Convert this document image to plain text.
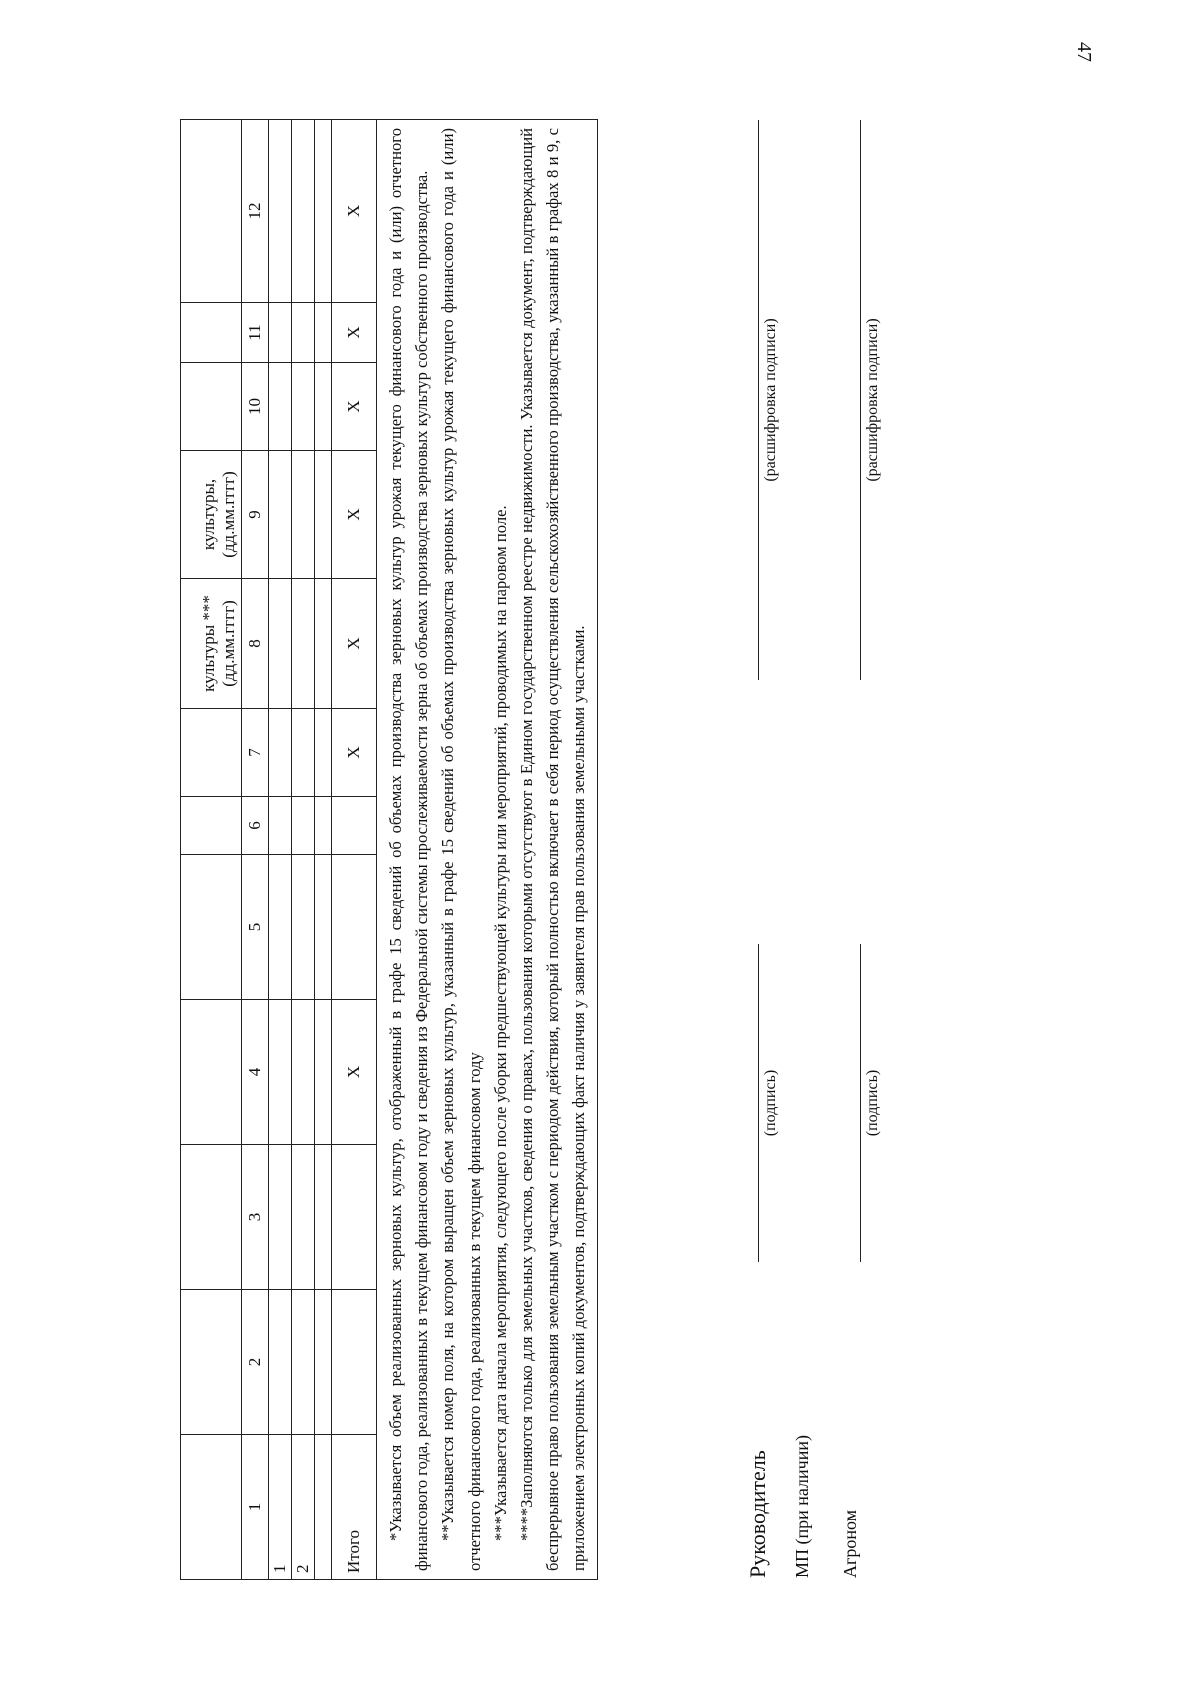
47
							культуры ***
(дд.мм.гггг)	культуры,
(дд.мм.гггг)			
1	2	3	4	5	6	7	8	9	10	11	12
1											
2											

Итого			X			X	X	X	X	X	X

*Указывается объем реализованных зерновых культур, отображенный в графе 15 сведений об объемах производства зерновых культур урожая текущего финансового года и (или) отчетного финансового года, реализованных в текущем финансовом году и сведения из Федеральной системы прослеживаемости зерна об объемах производства зерновых культур собственного производства. **Указывается номер поля, на котором выращен объем зерновых культур, указанный в графе 15 сведений об объемах производства зерновых культур урожая текущего финансового года и (или) отчетного финансового года, реализованных в текущем финансовом году ***Указывается дата начала мероприятия, следующего после уборки предшествующей культуры или мероприятий, проводимых на паровом поле. ****Заполняются только для земельных участков, сведения о правах, пользования которыми отсутствуют в Едином государственном реестре недвижимости. Указывается документ, подтверждающий беспрерывное право пользования земельным участком с периодом действия, который полностью включает в себя период осуществления сельскохозяйственного производства, указанный в графах 8 и 9, с приложением электронных копий документов, подтверждающих факт наличия у заявителя прав пользования земельными участками.												Руководитель
(подпись)
(расшифровка подписи)
МП (при наличии) Агроном
(подпись)
(расшифровка подписи)
